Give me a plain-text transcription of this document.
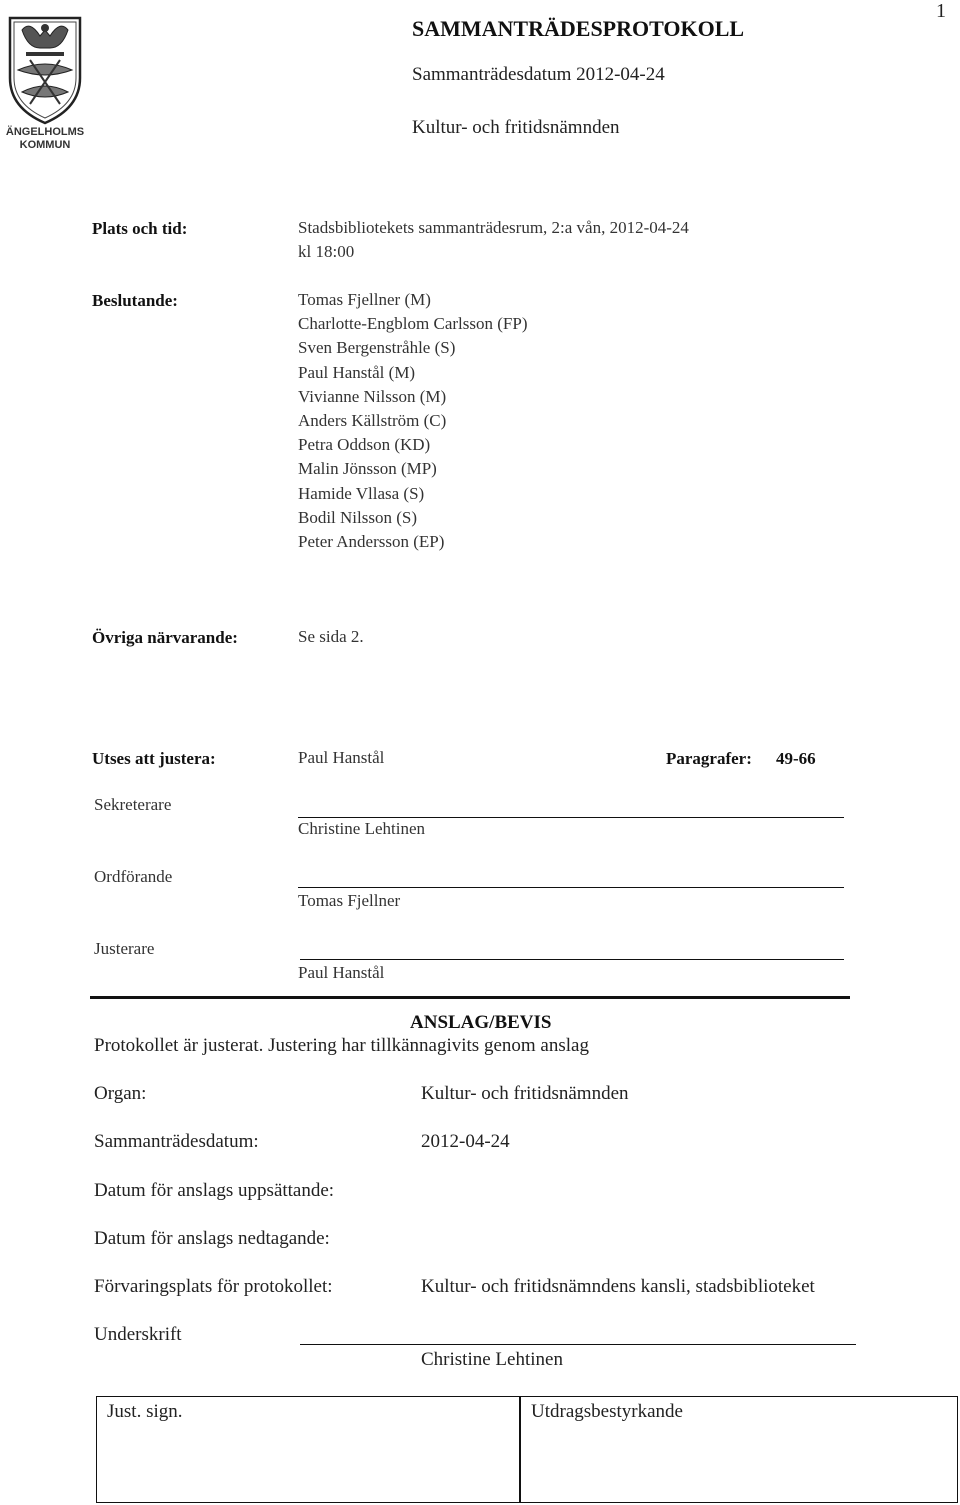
1
ÄNGELHOLMS
KOMMUN
SAMMANTRÄDESPROTOKOLL
Sammanträdesdatum 2012-04-24
Kultur- och fritidsnämnden
Plats och tid:	Stadsbibliotekets sammanträdesrum, 2:a vån, 2012-04-24
kl 18:00
Beslutande:	Tomas Fjellner (M)
Charlotte-Engblom Carlsson (FP)
Sven Bergenstråhle (S)
Paul Hanstål (M)
Vivianne Nilsson (M)
Anders Källström (C)
Petra Oddson (KD)
Malin Jönsson (MP)
Hamide Vllasa (S)
Bodil Nilsson (S)
Peter Andersson (EP)
Övriga närvarande:	Se sida 2.
Utses att justera:	Paul Hanstål	Paragrafer: 49-66
Sekreterare
Christine Lehtinen
Ordförande
Tomas Fjellner
Justerare
Paul Hanstål
ANSLAG/BEVIS
Protokollet är justerat. Justering har tillkännagivits genom anslag
Organ:	Kultur- och fritidsnämnden
Sammanträdesdatum:	2012-04-24
Datum för anslags uppsättande:
Datum för anslags nedtagande:
Förvaringsplats för protokollet:	Kultur- och fritidsnämndens kansli, stadsbiblioteket
Underskrift
Christine Lehtinen
Just. sign.	Utdragsbestyrkande
